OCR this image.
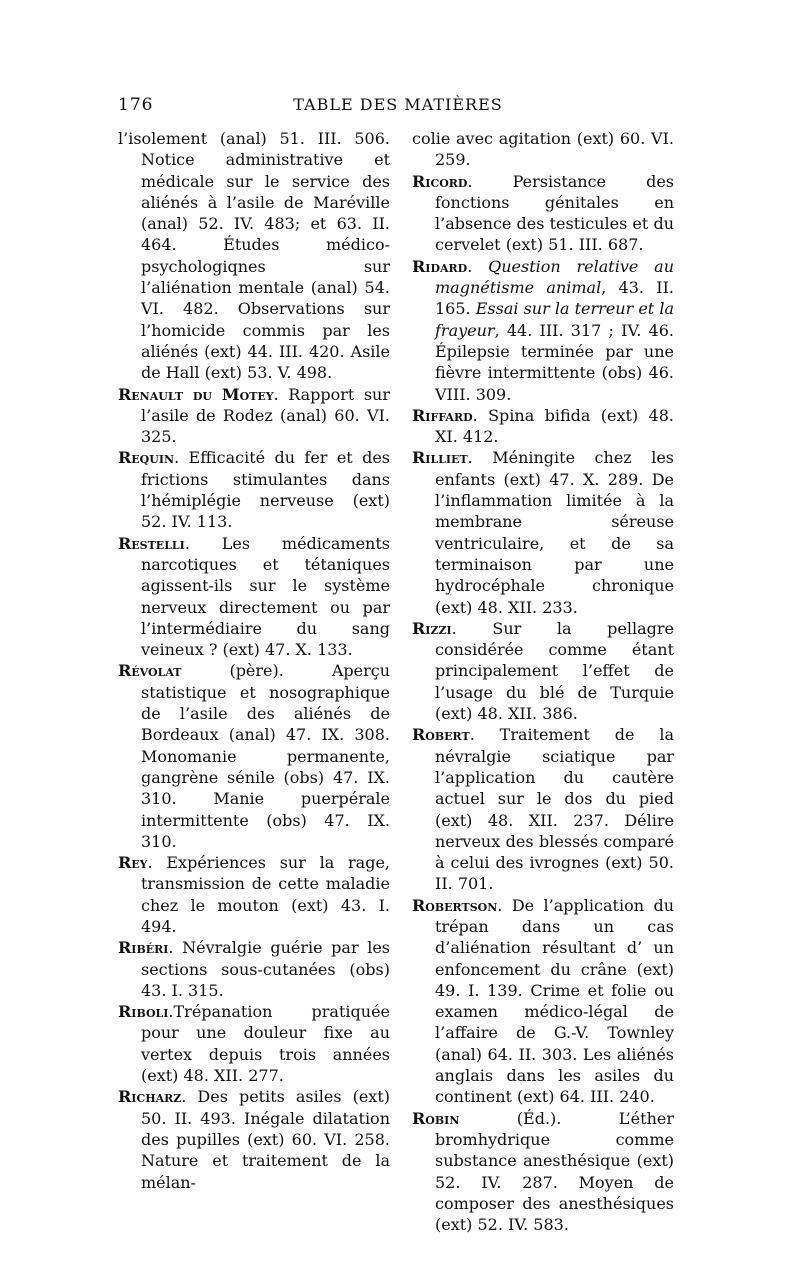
176	TABLE DES MATIÈRES

l’isolement (anal) 51. III. 506. Notice administrative et médicale sur le service des aliénés à l’asile de Maréville (anal) 52. IV. 483; et 63. II. 464. Études médico-psychologiqnes sur l’aliénation mentale (anal) 54. VI. 482. Observations sur l’homicide commis par les aliénés (ext) 44. III. 420. Asile de Hall (ext) 53. V. 498.

Renault du Motey. Rapport sur l’asile de Rodez (anal) 60. VI. 325.

Requin. Efficacité du fer et des frictions stimulantes dans l’hémiplégie nerveuse (ext) 52. IV. 113.

Restelli. Les médicaments narcotiques et tétaniques agissent-ils sur le système nerveux directement ou par l’intermédiaire du sang veineux ? (ext) 47. X. 133.

Révolat (père). Aperçu statistique et nosographique de l’asile des aliénés de Bordeaux (anal) 47. IX. 308. Monomanie permanente, gangrène sénile (obs) 47. IX. 310. Manie puerpérale intermittente (obs) 47. IX. 310.

Rey. Expériences sur la rage, transmission de cette maladie chez le mouton (ext) 43. I. 494.

Ribéri. Névralgie guérie par les sections sous-cutanées (obs) 43. I. 315.

Riboli.Trépanation pratiquée pour une douleur fixe au vertex depuis trois années (ext) 48. XII. 277.

Richarz. Des petits asiles (ext) 50. II. 493. Inégale dilatation des pupilles (ext) 60. VI. 258. Nature et traitement de la mélan-

colie avec agitation (ext) 60. VI. 259.

Ricord. Persistance des fonctions génitales en l’absence des testicules et du cervelet (ext) 51. III. 687.

Ridard. Question relative au magnétisme animal, 43. II. 165. Essai sur la terreur et la frayeur, 44. III. 317 ; IV. 46. Épilepsie terminée par une fièvre intermittente (obs) 46. VIII. 309.

Riffard. Spina bifida (ext) 48. XI. 412.

Rilliet. Méningite chez les enfants (ext) 47. X. 289. De l’inflammation limitée à la membrane séreuse ventriculaire, et de sa terminaison par une hydrocéphale chronique (ext) 48. XII. 233.

Rizzi. Sur la pellagre considérée comme étant principalement l’effet de l’usage du blé de Turquie (ext) 48. XII. 386.

Robert. Traitement de la névralgie sciatique par l’application du cautère actuel sur le dos du pied (ext) 48. XII. 237. Délire nerveux des blessés comparé à celui des ivrognes (ext) 50. II. 701.

Robertson. De l’application du trépan dans un cas d’aliénation résultant d’ un enfoncement du crâne (ext) 49. I. 139. Crime et folie ou examen médico-légal de l’affaire de G.-V. Townley (anal) 64. II. 303. Les aliénés anglais dans les asiles du continent (ext) 64. III. 240.

Robin (Éd.). L’éther bromhydrique comme substance anesthésique (ext) 52. IV. 287. Moyen de composer des anesthésiques (ext) 52. IV. 583.
